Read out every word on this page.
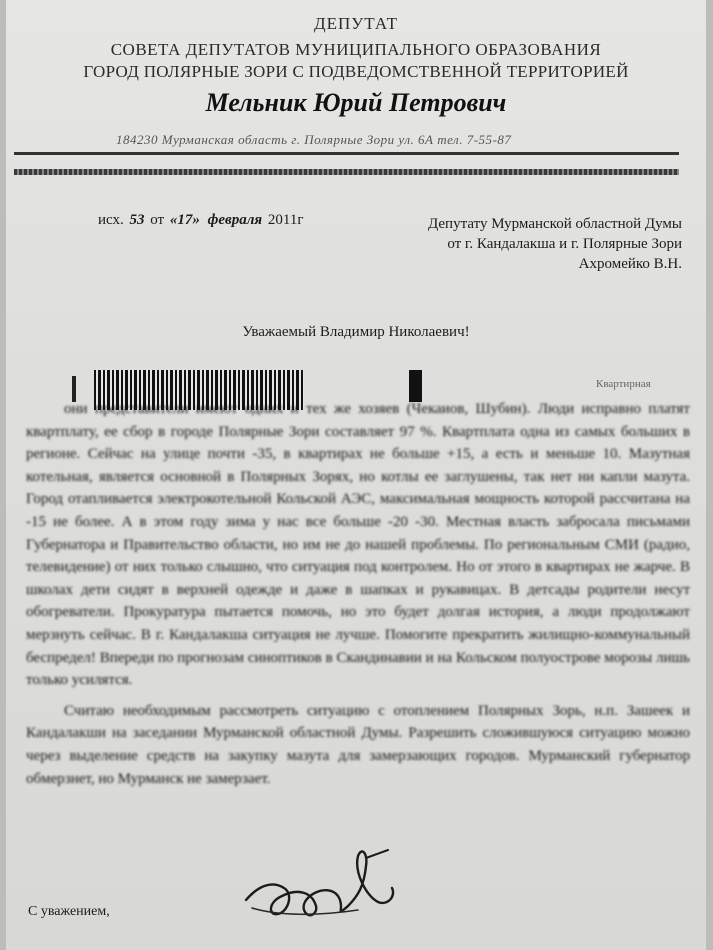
ДЕПУТАТ
СОВЕТА ДЕПУТАТОВ МУНИЦИПАЛЬНОГО ОБРАЗОВАНИЯ
ГОРОД ПОЛЯРНЫЕ ЗОРИ С ПОДВЕДОМСТВЕННОЙ ТЕРРИТОРИЕЙ
Мельник Юрий Петрович
184230 Мурманская область г. Полярные Зори ул. 6А тел. 7-55-87
исх. 53 от «17» февраля 2011г	Депутату Мурманской областной Думы
от г. Кандалакша и г. Полярные Зори
Ахромейко В.Н.
Уважаемый Владимир Николаевич!
Квартирная

они представители имеют одних и тех же хозяев (Чекаиов, Шубин). Люди исправно платят квартплату, ее сбор в городе Полярные Зори составляет 97 %. Квартплата одна из самых больших в регионе. Сейчас на улице почти -35, в квартирах не больше +15, а есть и меньше 10. Мазутная котельная, является основной в Полярных Зорях, но котлы ее заглушены, так нет ни капли мазута. Город отапливается электрокотельной Кольской АЭС, максимальная мощность которой рассчитана на -15 не более. А в этом году зима у нас все больше -20 -30. Местная власть забросала письмами Губернатора и Правительство области, но им не до нашей проблемы. По региональным СМИ (радио, телевидение) от них только слышно, что ситуация под контролем. Но от этого в квартирах не жарче. В школах дети сидят в верхней одежде и даже в шапках и рукавицах. В детсады родители несут обогреватели. Прокуратура пытается помочь, но это будет долгая история, а люди продолжают мерзнуть сейчас. В г. Кандалакша ситуация не лучше. Помогите прекратить жилищно-коммунальный беспредел! Впереди по прогнозам синоптиков в Скандинавии и на Кольском полуострове морозы лишь только усилятся.

Считаю необходимым рассмотреть ситуацию с отоплением Полярных Зорь, н.п. Зашеек и Кандалакши на заседании Мурманской областной Думы. Разрешить сложившуюся ситуацию можно через выделение средств на закупку мазута для замерзающих городов. Мурманский губернатор обмерзнет, но Мурманск не замерзает.

С уважением,
